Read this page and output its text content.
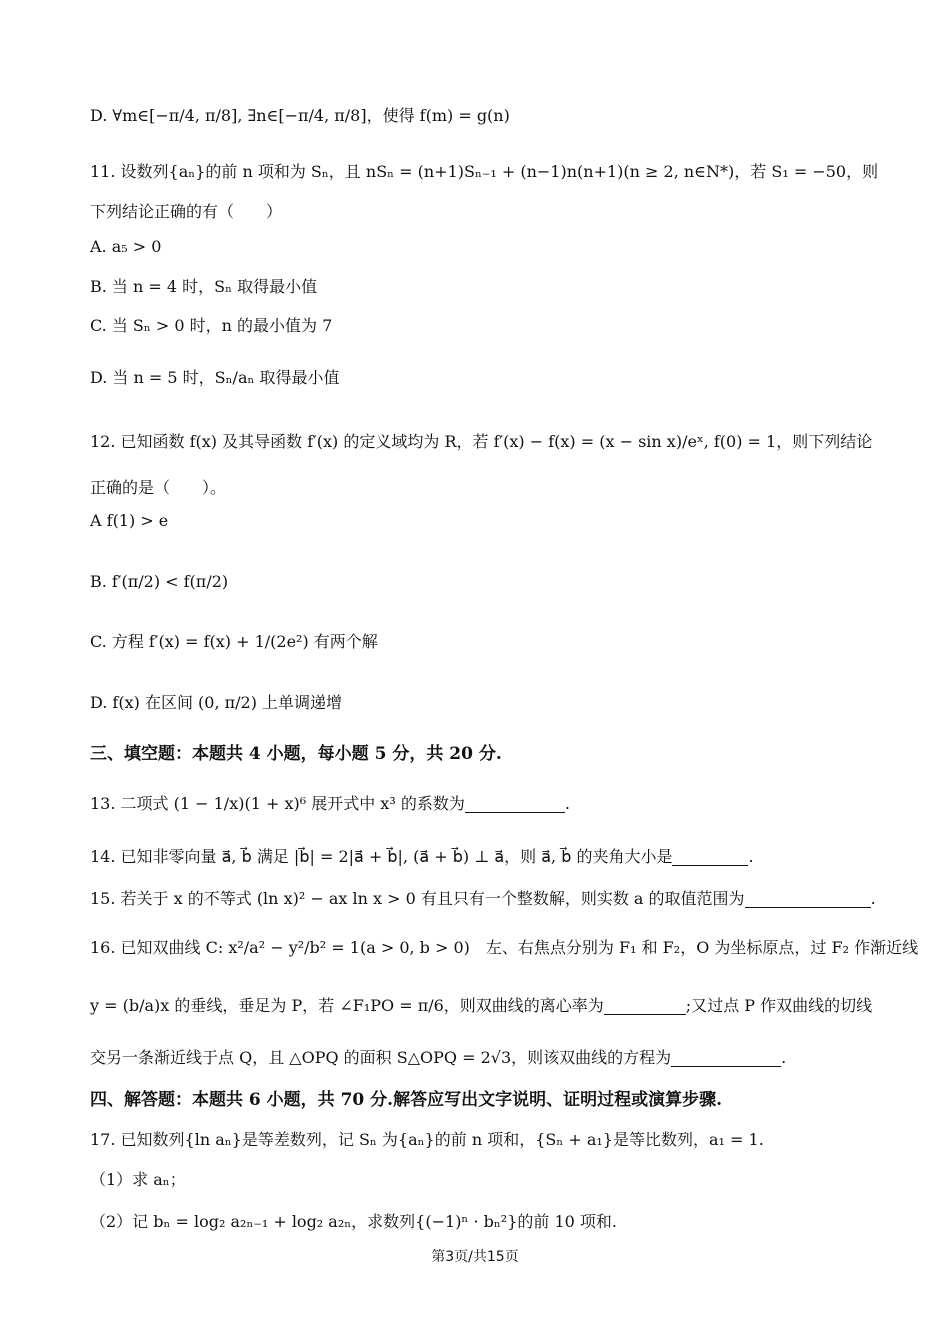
D. ∀m∈[−π/4, π/8], ∃n∈[−π/4, π/8]，使得 f(m) = g(n)
11. 设数列{aₙ}的前 n 项和为 Sₙ，且 nSₙ = (n+1)Sₙ₋₁ + (n−1)n(n+1)(n ≥ 2, n∈N*)，若 S₁ = −50，则
下列结论正确的有（　　）
A. a₅ > 0
B. 当 n = 4 时，Sₙ 取得最小值
C. 当 Sₙ > 0 时，n 的最小值为 7
D. 当 n = 5 时，Sₙ/aₙ 取得最小值
12. 已知函数 f(x) 及其导函数 f′(x) 的定义域均为 R，若 f′(x) − f(x) = (x − sin x)/eˣ, f(0) = 1，则下列结论
正确的是（　　）。
A f(1) > e
B. f′(π/2) < f(π/2)
C. 方程 f′(x) = f(x) + 1/(2e²) 有两个解
D. f(x) 在区间 (0, π/2) 上单调递增
三、填空题：本题共 4 小题，每小题 5 分，共 20 分.
13. 二项式 (1 − 1/x)(1 + x)⁶ 展开式中 x³ 的系数为	.
14. 已知非零向量 a⃗, b⃗ 满足 |b⃗| = 2|a⃗ + b⃗|, (a⃗ + b⃗) ⊥ a⃗，则 a⃗, b⃗ 的夹角大小是	.
15. 若关于 x 的不等式 (ln x)² − ax ln x > 0 有且只有一个整数解，则实数 a 的取值范围为	.
16. 已知双曲线 C: x²/a² − y²/b² = 1(a > 0, b > 0)　左、右焦点分别为 F₁ 和 F₂，O 为坐标原点，过 F₂ 作渐近线
y = (b/a)x 的垂线，垂足为 P，若 ∠F₁PO = π/6，则双曲线的离心率为	;又过点 P 作双曲线的切线
交另一条渐近线于点 Q，且 △OPQ 的面积 S△OPQ = 2√3，则该双曲线的方程为	.
四、解答题：本题共 6 小题，共 70 分.解答应写出文字说明、证明过程或演算步骤.
17. 已知数列{ln aₙ}是等差数列，记 Sₙ 为{aₙ}的前 n 项和，{Sₙ + a₁}是等比数列，a₁ = 1.
（1）求 aₙ；
（2）记 bₙ = log₂ a₂ₙ₋₁ + log₂ a₂ₙ，求数列{(−1)ⁿ · bₙ²}的前 10 项和.
第3页/共15页
